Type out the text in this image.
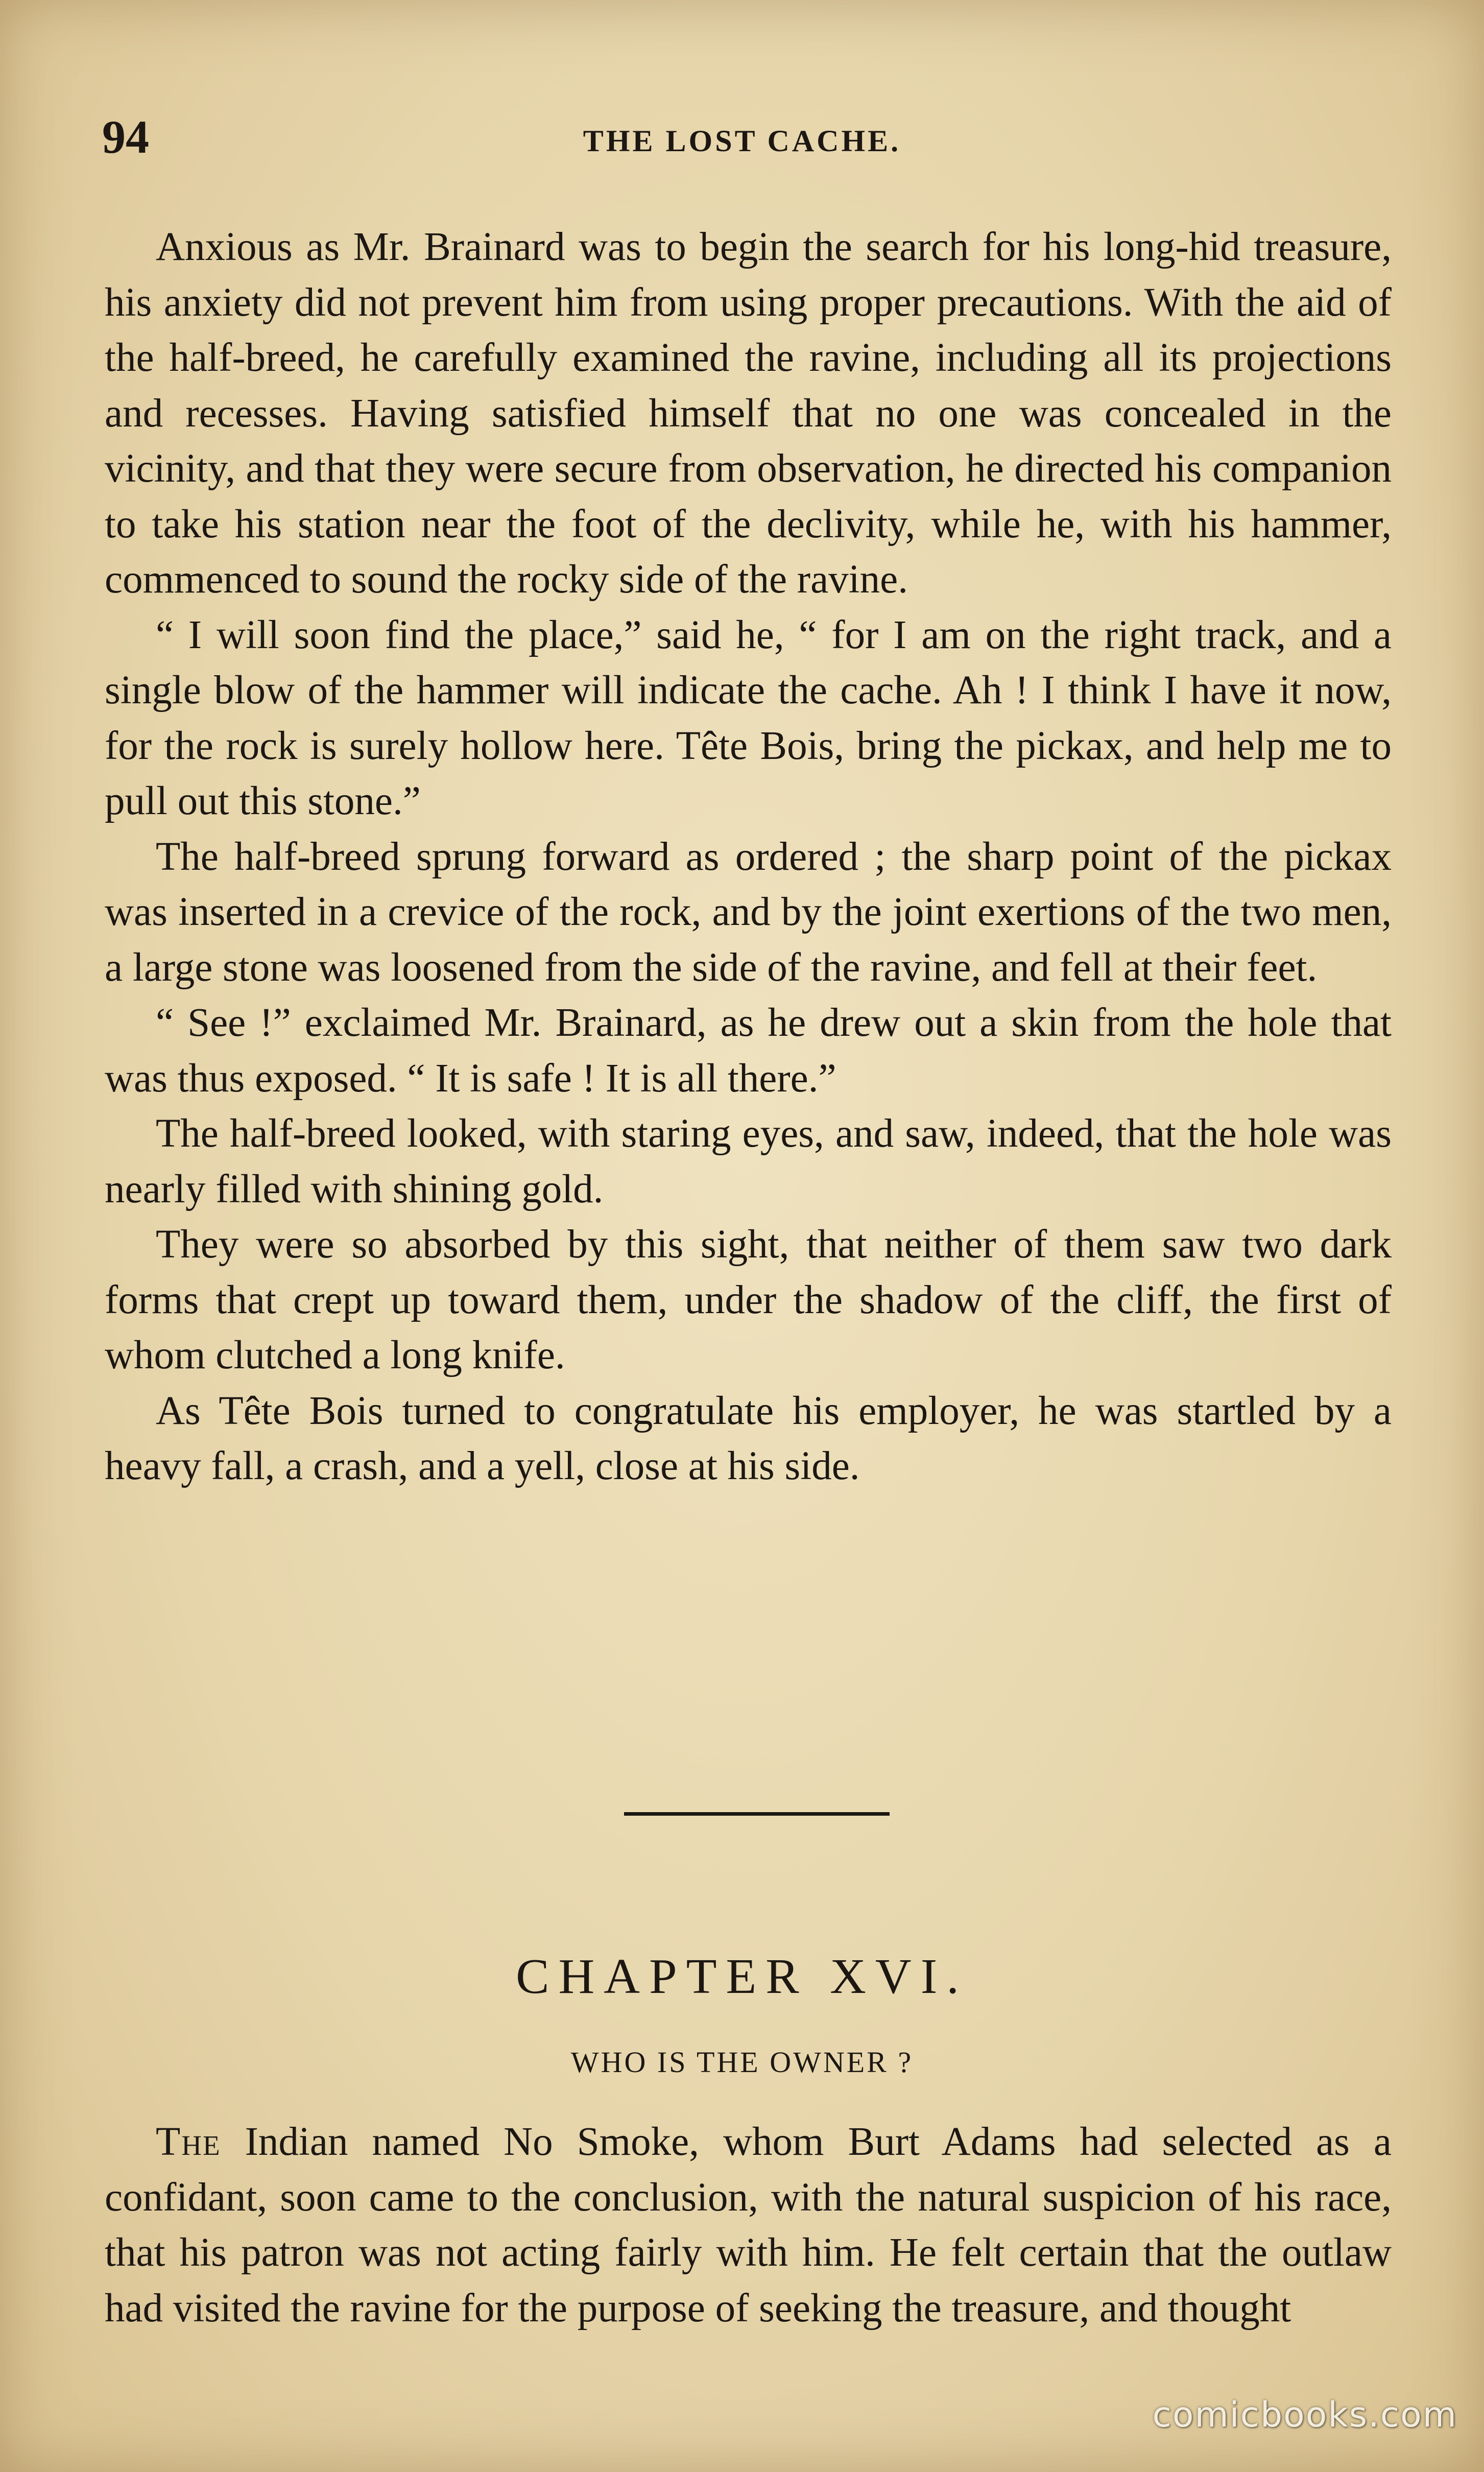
94	THE LOST CACHE.

Anxious as Mr. Brainard was to begin the search for his long-hid treasure, his anxiety did not prevent him from using proper precautions. With the aid of the half-breed, he carefully examined the ravine, including all its projections and recesses. Having satisfied himself that no one was concealed in the vicinity, and that they were secure from observation, he directed his companion to take his station near the foot of the declivity, while he, with his hammer, commenced to sound the rocky side of the ravine.

“ I will soon find the place,” said he, “ for I am on the right track, and a single blow of the hammer will indicate the cache. Ah ! I think I have it now, for the rock is surely hollow here. Tête Bois, bring the pickax, and help me to pull out this stone.”

The half-breed sprung forward as ordered ; the sharp point of the pickax was inserted in a crevice of the rock, and by the joint exertions of the two men, a large stone was loosened from the side of the ravine, and fell at their feet.

“ See !” exclaimed Mr. Brainard, as he drew out a skin from the hole that was thus exposed. “ It is safe ! It is all there.”

The half-breed looked, with staring eyes, and saw, indeed, that the hole was nearly filled with shining gold.

They were so absorbed by this sight, that neither of them saw two dark forms that crept up toward them, under the shadow of the cliff, the first of whom clutched a long knife.

As Tête Bois turned to congratulate his employer, he was startled by a heavy fall, a crash, and a yell, close at his side.

CHAPTER XVI.
WHO IS THE OWNER ?

The Indian named No Smoke, whom Burt Adams had selected as a confidant, soon came to the conclusion, with the natural suspicion of his race, that his patron was not acting fairly with him. He felt certain that the outlaw had visited the ravine for the purpose of seeking the treasure, and thought

comicbooks.com
